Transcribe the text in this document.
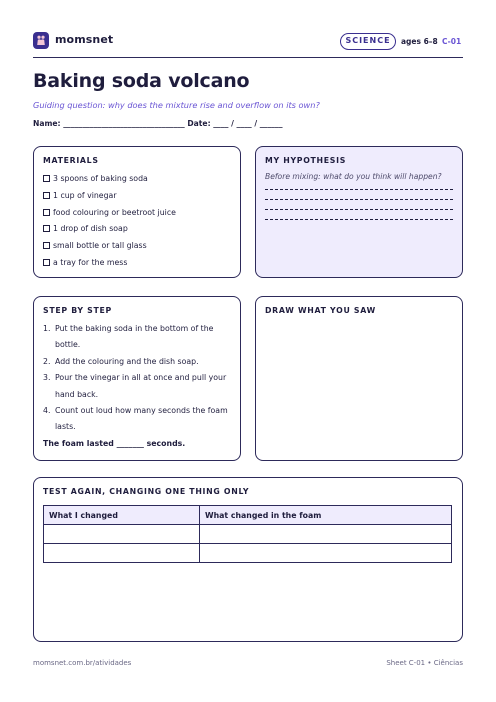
momsnet	SCIENCE	ages 6–8 C-01
Baking soda volcano
Guiding question: why does the mixture rise and overflow on its own?
Name: ________________________________ Date: ____ / ____ / ______
MATERIALS
3 spoons of baking soda
1 cup of vinegar
food colouring or beetroot juice
1 drop of dish soap
small bottle or tall glass
a tray for the mess
MY HYPOTHESIS
Before mixing: what do you think will happen?
STEP BY STEP
1. Put the baking soda in the bottom of the bottle.
2. Add the colouring and the dish soap.
3. Pour the vinegar in all at once and pull your hand back.
4. Count out loud how many seconds the foam lasts.
The foam lasted _______ seconds.
DRAW WHAT YOU SAW
TEST AGAIN, CHANGING ONE THING ONLY
What I changed	What changed in the foam

momsnet.com.br/atividades	Sheet C-01 • Ciências
